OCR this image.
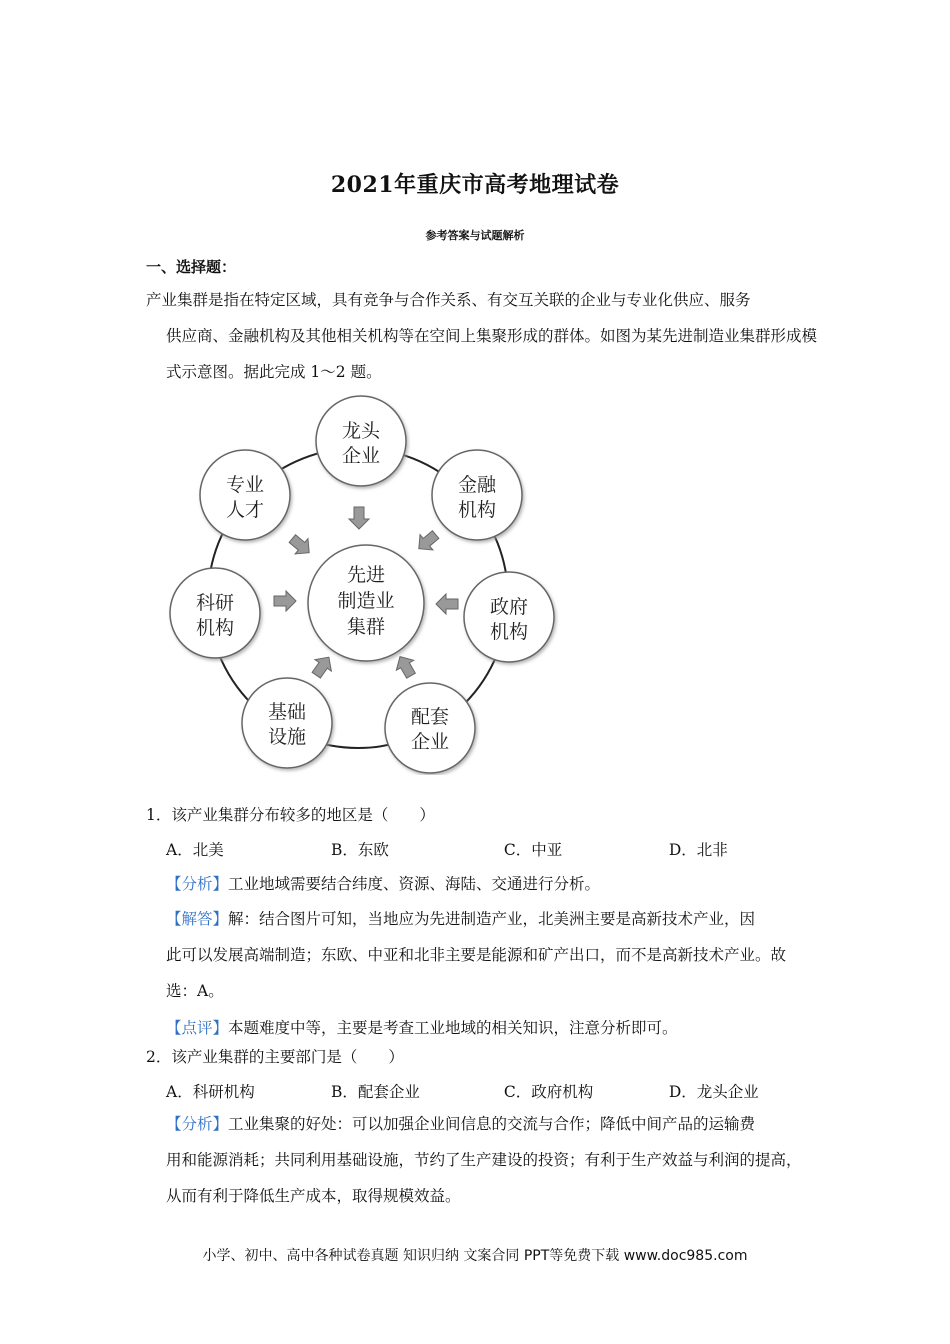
2021年重庆市高考地理试卷
参考答案与试题解析
一、选择题：
产业集群是指在特定区域，具有竞争与合作关系、有交互关联的企业与专业化供应、服务
供应商、金融机构及其他相关机构等在空间上集聚形成的群体。如图为某先进制造业集群形成模式示意图。据此完成 1～2 题。
先进
制造业
集群
龙头
企业
金融
机构
政府
机构
配套
企业
基础
设施
科研
机构
专业
人才
1．该产业集群分布较多的地区是（　　）
A．北美	B．东欧	C．中亚	D．北非
【分析】工业地域需要结合纬度、资源、海陆、交通进行分析。
【解答】解：结合图片可知，当地应为先进制造产业，北美洲主要是高新技术产业，因
此可以发展高端制造；东欧、中亚和北非主要是能源和矿产出口，而不是高新技术产业。故选：A。
【点评】本题难度中等，主要是考查工业地域的相关知识，注意分析即可。
2．该产业集群的主要部门是（　　）
A．科研机构	B．配套企业	C．政府机构	D．龙头企业
【分析】工业集聚的好处：可以加强企业间信息的交流与合作；降低中间产品的运输费
用和能源消耗；共同利用基础设施，节约了生产建设的投资；有利于生产效益与利润的提高，从而有利于降低生产成本，取得规模效益。
小学、初中、高中各种试卷真题 知识归纳 文案合同 PPT等免费下载 www.doc985.com
